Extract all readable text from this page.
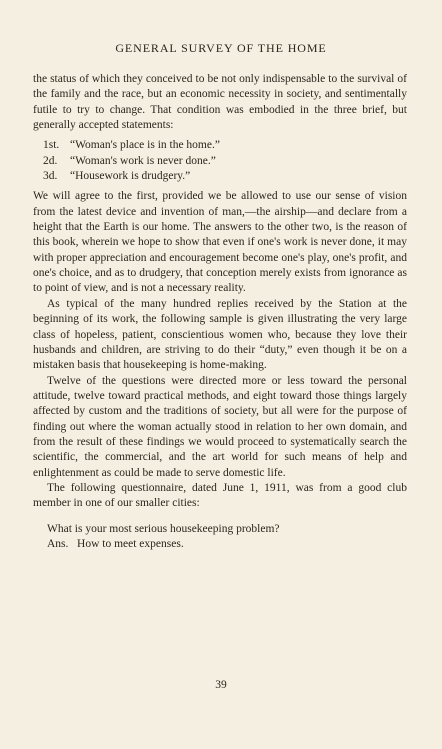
GENERAL SURVEY OF THE HOME

the status of which they conceived to be not only indispensable to the survival of the family and the race, but an economic necessity in society, and sentimentally futile to try to change. That condition was embodied in the three brief, but generally accepted statements:

1st. “Woman's place is in the home.”
2d. “Woman's work is never done.”
3d. “Housework is drudgery.”

We will agree to the first, provided we be allowed to use our sense of vision from the latest device and invention of man,—the airship—and declare from a height that the Earth is our home. The answers to the other two, is the reason of this book, wherein we hope to show that even if one's work is never done, it may with proper appreciation and encouragement become one's play, one's profit, and one's choice, and as to drudgery, that conception merely exists from ignorance as to point of view, and is not a necessary reality.

As typical of the many hundred replies received by the Station at the beginning of its work, the following sample is given illustrating the very large class of hopeless, patient, conscientious women who, because they love their husbands and children, are striving to do their “duty,” even though it be on a mistaken basis that housekeeping is home-making.

Twelve of the questions were directed more or less toward the personal attitude, twelve toward practical methods, and eight toward those things largely affected by custom and the traditions of society, but all were for the purpose of finding out where the woman actually stood in relation to her own domain, and from the result of these findings we would proceed to systematically search the scientific, the commercial, and the art world for such means of help and enlightenment as could be made to serve domestic life.

The following questionnaire, dated June 1, 1911, was from a good club member in one of our smaller cities:

What is your most serious housekeeping problem?

Ans.   How to meet expenses.

39
